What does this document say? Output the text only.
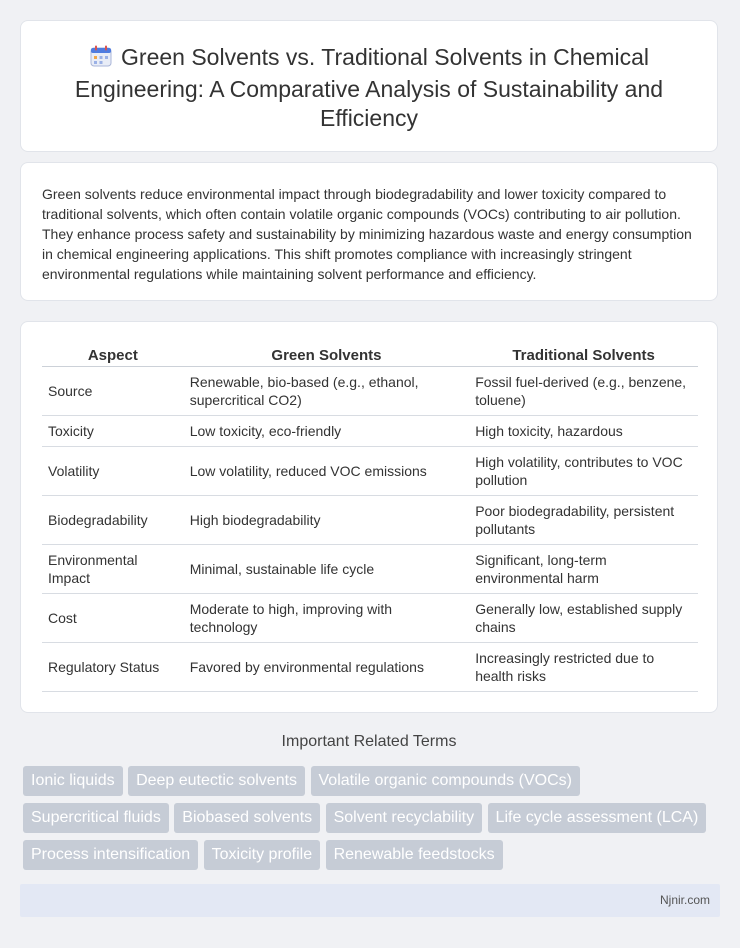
Green Solvents vs. Traditional Solvents in Chemical Engineering: A Comparative Analysis of Sustainability and Efficiency

Green solvents reduce environmental impact through biodegradability and lower toxicity compared to traditional solvents, which often contain volatile organic compounds (VOCs) contributing to air pollution. They enhance process safety and sustainability by minimizing hazardous waste and energy consumption in chemical engineering applications. This shift promotes compliance with increasingly stringent environmental regulations while maintaining solvent performance and efficiency.

Aspect	Green Solvents	Traditional Solvents
Source	Renewable, bio-based (e.g., ethanol, supercritical CO2)	Fossil fuel-derived (e.g., benzene, toluene)
Toxicity	Low toxicity, eco-friendly	High toxicity, hazardous
Volatility	Low volatility, reduced VOC emissions	High volatility, contributes to VOC pollution
Biodegradability	High biodegradability	Poor biodegradability, persistent pollutants
Environmental Impact	Minimal, sustainable life cycle	Significant, long-term environmental harm
Cost	Moderate to high, improving with technology	Generally low, established supply chains
Regulatory Status	Favored by environmental regulations	Increasingly restricted due to health risks
Important Related Terms
Ionic liquids Deep eutectic solvents Volatile organic compounds (VOCs) Supercritical fluids Biobased solvents Solvent recyclability Life cycle assessment (LCA) Process intensification Toxicity profile Renewable feedstocks
Njnir.com
